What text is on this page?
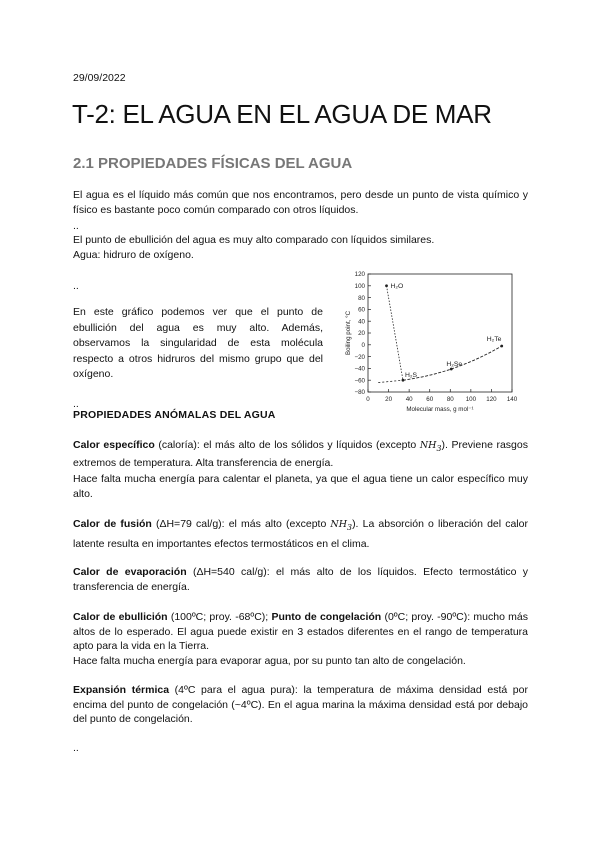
29/09/2022
T-2: EL AGUA EN EL AGUA DE MAR
2.1 PROPIEDADES FÍSICAS DEL AGUA
El agua es el líquido más común que nos encontramos, pero desde un punto de vista químico y físico es bastante poco común comparado con otros líquidos.
..
El punto de ebullición del agua es muy alto comparado con líquidos similares.
Agua: hidruro de oxígeno.
..
En este gráfico podemos ver que el punto de ebullición del agua es muy alto. Además, observamos la singularidad de esta molécula respecto a otros hidruros del mismo grupo que del oxígeno.
120
100
80
60
40
20
0
−20
−40
−60
−80
0 20 40 60 80 100 120 140
Molecular mass, g mol⁻¹
Boiling point, °C
H₂O
H₂S
H₂Se
H₂Te
..
PROPIEDADES ANÓMALAS DEL AGUA
Calor específico (caloría): el más alto de los sólidos y líquidos (excepto $NH_3$). Previene rasgos extremos de temperatura. Alta transferencia de energía.
Hace falta mucha energía para calentar el planeta, ya que el agua tiene un calor específico muy alto.
Calor de fusión (ΔH=79 cal/g): el más alto (excepto $NH_3$). La absorción o liberación del calor latente resulta en importantes efectos termostáticos en el clima.
Calor de evaporación (ΔH=540 cal/g): el más alto de los líquidos. Efecto termostático y transferencia de energía.
Calor de ebullición (100ºC; proy. -68ºC); Punto de congelación (0ºC; proy. -90ºC): mucho más altos de lo esperado. El agua puede existir en 3 estados diferentes en el rango de temperatura apto para la vida en la Tierra.
Hace falta mucha energía para evaporar agua, por su punto tan alto de congelación.
Expansión térmica (4ºC para el agua pura): la temperatura de máxima densidad está por encima del punto de congelación (~4ºC). En el agua marina la máxima densidad está por debajo del punto de congelación.
..
